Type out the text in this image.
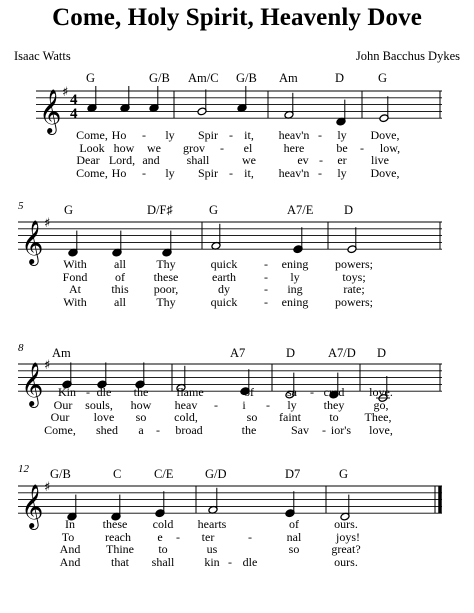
Come, Holy Spirit, Heavenly Dove
Isaac Watts	John Bacchus Dykes
G	G/B Am/C G/B Am	D	G
𝄞 ♯ 4
4
Come, Ho - ly Spir - it, heav'n - ly Dove,
Look how we grov - el	here	be - low,
Dear Lord, and shall	we	ev - er live
Come, Ho - ly Spir - it, heav'n - ly Dove,
5	G	D/F♯	G	A7/E D
𝄞 ♯
With all	Thy	quick - ening powers;
Fond of these	earth - ly	toys;
At	this poor,	dy	- ing	rate;
With all	Thy	quick - ening powers;
8 Am	A7	D	A7/D D
𝄞 ♯
Kin - dle the flame	of	sa - cred love.
Our souls, how heav - i - ly they go,
Our love so cold,	so faint to Thee,
Come, shed a - broad	the	Sav - ior's love,
12 G/B	C	C/E	G/D	D7	G
𝄞 ♯
In these cold hearts	of	ours.
To	reach e - ter	-	nal	joys!
And Thine to	us	so	great?
And	that shall kin - dle	ours.
